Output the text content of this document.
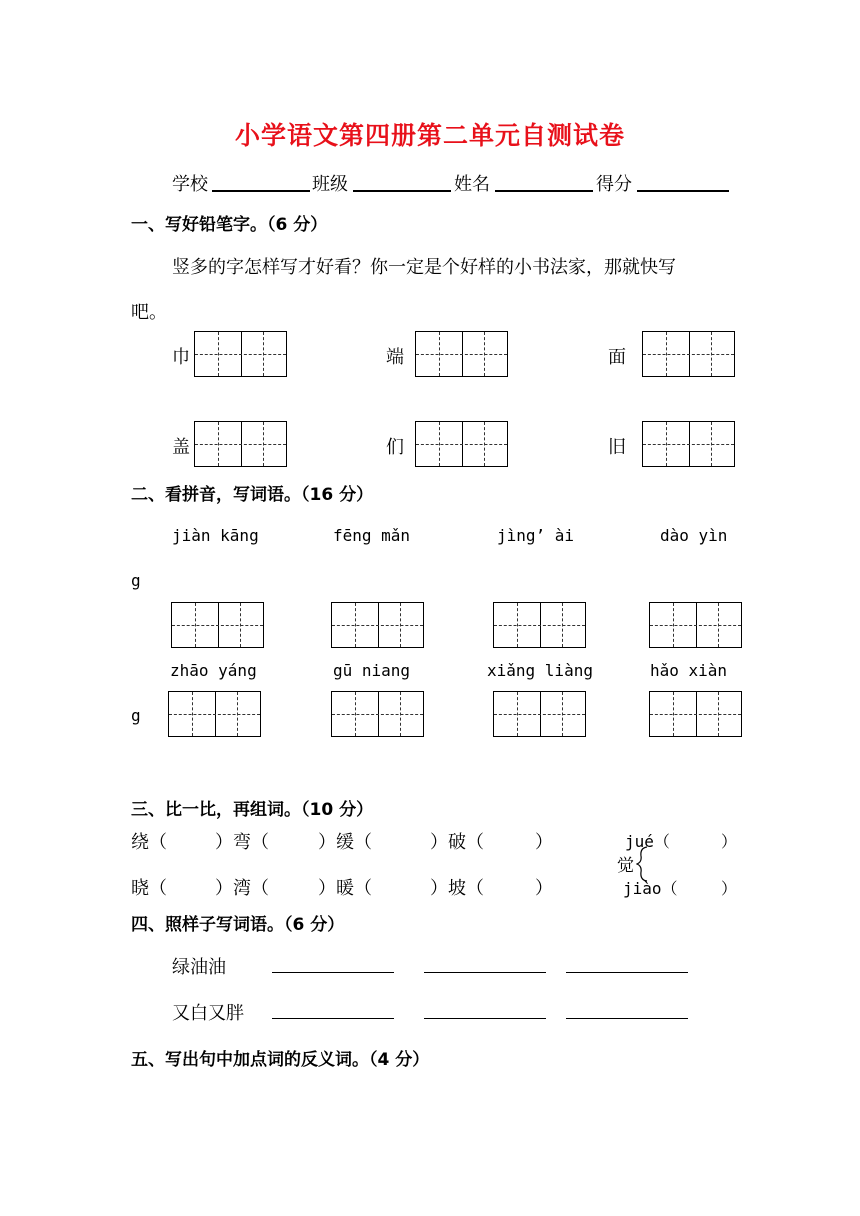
小学语文第四册第二单元自测试卷
学校	班级	姓名	得分
一、写好铅笔字。（6 分）
竖多的字怎样写才好看？你一定是个好样的小书法家，那就快写
吧。
巾	端	面
盖	们	旧
二、看拼音，写词语。（16 分）
jiàn kāng	fēng mǎn	jìng’ ài	dào yìn
g
zhāo yáng	gū niang	xiǎng liàng	hǎo xiàn
g
三、比一比，再组词。（10 分）
绕（	）弯（	）缓（	）破（	）
晓（	）湾（	）暖（	）坡（	）
jué（	）
觉
jiào（	）
四、照样子写词语。（6 分）
绿油油
又白又胖
五、写出句中加点词的反义词。（4 分）
